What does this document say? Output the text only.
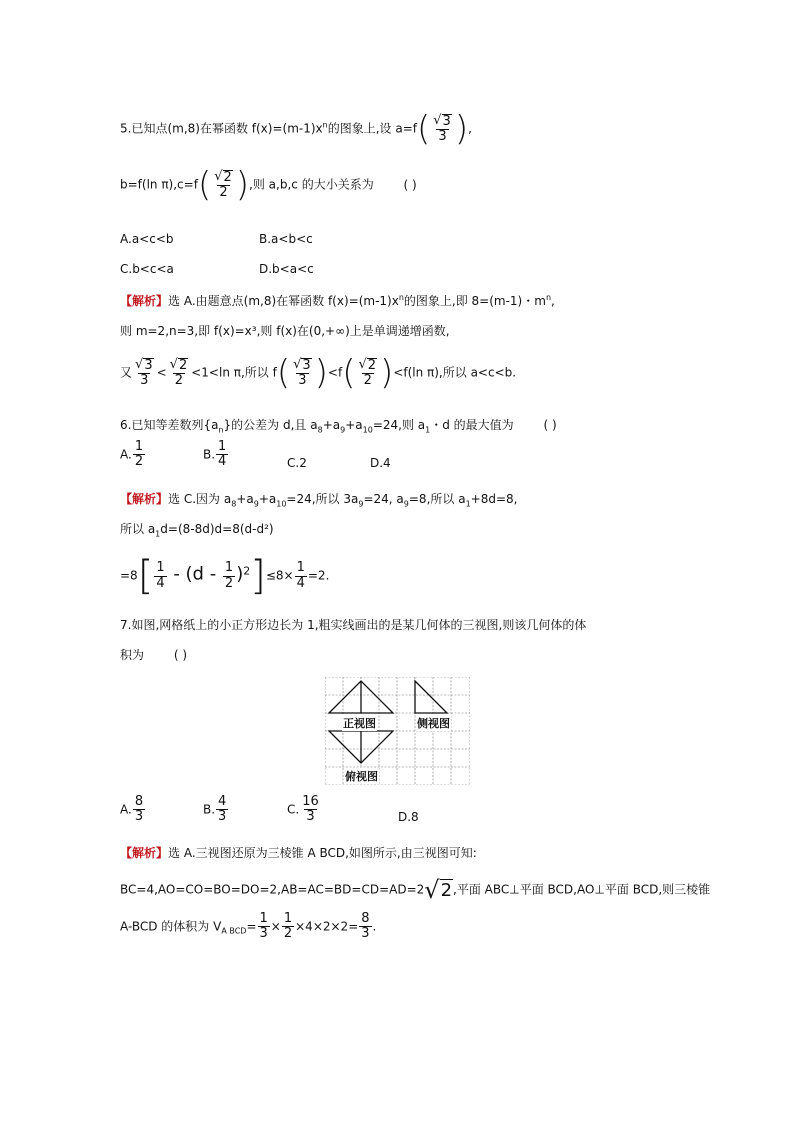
5.已知点(m,8)在幂函数 $f(x)=(m-1)x^n$的图象上,设 $a=f( \frac{√ 3}{3}$ ),
b=f(ln $\pi),c=f( \frac{√ 2}{2}$ ),则 a,b,c 的大小关系为 ( )
A.a<c<b	B.a<b<c
C.b<c<a	D.b<a<c
【解析】选 A.由题意点(m,8)在幂函数 $f(x)=(m-1)x^n$的图象上,即 8=(m-1)・$m^n$,
则 m=2,n=3,即 f(x)=x³,则 f(x)在(0,+∞)上是单调递增函数,
又 $\frac{√ 3}{3} < \frac{√ 2}{2} <1<\ln$ π,所以 $f( \frac{√ 3}{3} )<f( \frac{√ 2}{2} )<f(\ln$ π),所以 a<c<b.
6.已知等差数列$\{a_n\}$的公差为 d,且 $a_8+a_9+a_{10}=24$,则 $a_1$・d 的最大值为 ( )
A. $\frac{1}{2}$	B. $\frac{1}{4}$	C.2	D.4
【解析】选 C.因为 $a_8+a_9+a_{10}=24$,所以 $3a_9=24$, $a_9=8$,所以 $a_1+8d=8$,
所以 $a_1d=(8-8d)d=8(d-d^2)$
$=8[ \frac{1}{4} - (d - \frac{1}{2} )^2]\le 8\times \frac{1}{4} =2$.
7.如图,网格纸上的小正方形边长为 1,粗实线画出的是某几何体的三视图,则该几何体的体
积为 ( )
正视图	侧视图
俯视图
A. $\frac{8}{3}$	B. $\frac{4}{3}$	C. $\frac{16}{3}$	D.8
【解析】选 A.三视图还原为三棱锥 A BCD,如图所示,由三视图可知:
BC=4,AO=CO=BO=DO=2,AB=AC=BD=CD=AD=2√2,平面 ABC⊥平面 BCD,AO⊥平面 BCD,则三棱锥
A-BCD 的体积为 $V_{A BCD}= \frac{1}{3} \times \frac{1}{2} \times 4\times 2\times 2= \frac{8}{3}$ .
